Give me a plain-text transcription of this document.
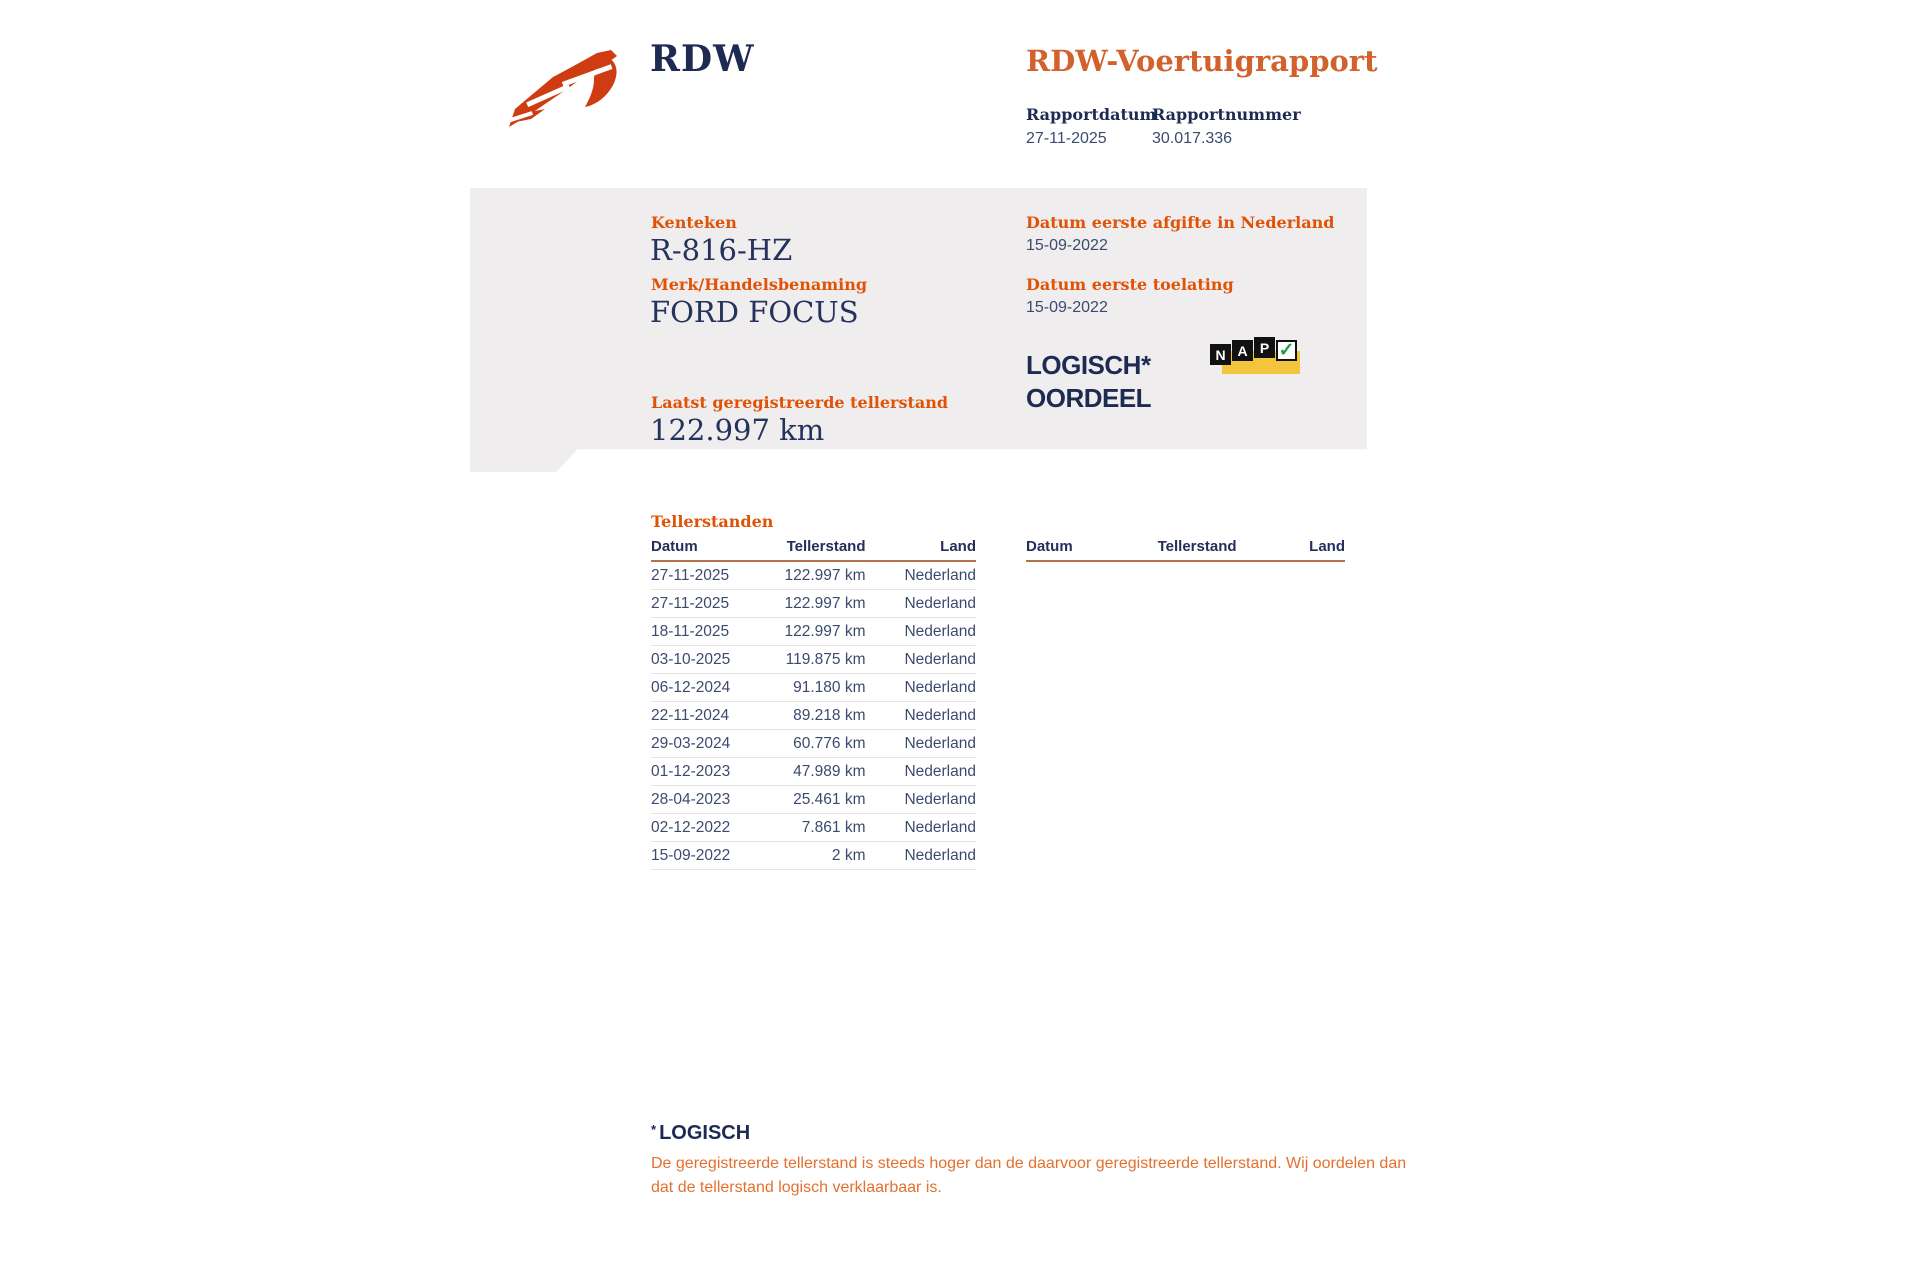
RDW	RDW-Voertuigrapport
Rapportdatum
Rapportnummer
27-11-2025	30.017.336
Kenteken
R-816-HZ
Merk/Handelsbenaming
FORD FOCUS
Laatst geregistreerde tellerstand
122.997 km
Datum eerste afgifte in Nederland
15-09-2022
Datum eerste toelating
15-09-2022
LOGISCH*
OORDEEL
N A P ✓
Tellerstanden
Datum	Tellerstand	Land
27-11-2025	122.997 km	Nederland
27-11-2025	122.997 km	Nederland
18-11-2025	122.997 km	Nederland
03-10-2025	119.875 km	Nederland
06-12-2024	91.180 km	Nederland
22-11-2024	89.218 km	Nederland
29-03-2024	60.776 km	Nederland
01-12-2023	47.989 km	Nederland
28-04-2023	25.461 km	Nederland
02-12-2022	7.861 km	Nederland
15-09-2022	2 km	Nederland
Datum	Tellerstand	Land
* LOGISCH
De geregistreerde tellerstand is steeds hoger dan de daarvoor geregistreerde tellerstand. Wij oordelen dan dat de tellerstand logisch verklaarbaar is.
